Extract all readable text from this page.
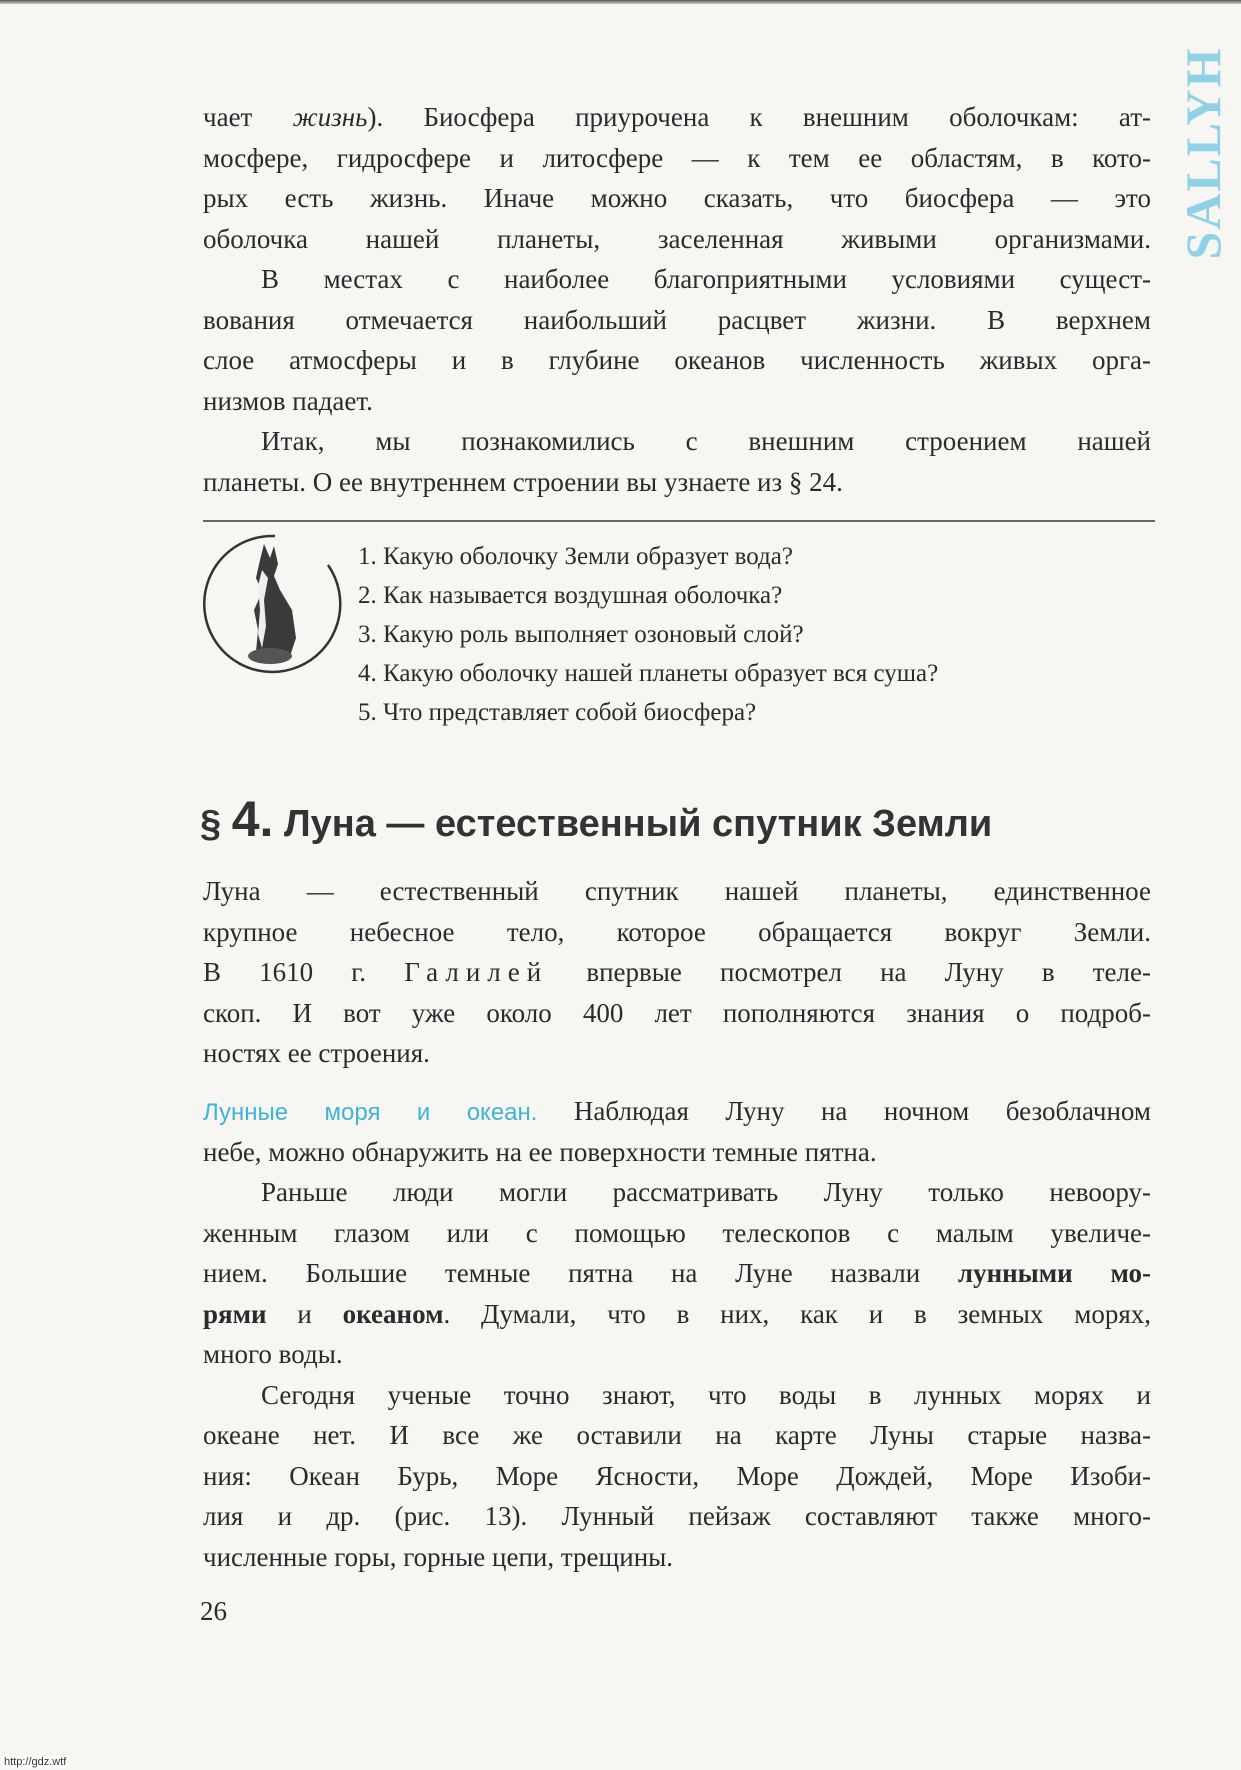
SALLYH
чает жизнь). Биосфера приурочена к внешним оболочкам: ат-
мосфере, гидросфере и литосфере — к тем ее областям, в кото-
рых есть жизнь. Иначе можно сказать, что биосфера — это
оболочка нашей планеты, заселенная живыми организмами.
В местах с наиболее благоприятными условиями сущест-
вования отмечается наибольший расцвет жизни. В верхнем
слое атмосферы и в глубине океанов численность живых орга-
низмов падает.
Итак, мы познакомились с внешним строением нашей
планеты. О ее внутреннем строении вы узнаете из § 24.
1. Какую оболочку Земли образует вода?
2. Как называется воздушная оболочка?
3. Какую роль выполняет озоновый слой?
4. Какую оболочку нашей планеты образует вся суша?
5. Что представляет собой биосфера?
§ 4. Луна — естественный спутник Земли
Луна — естественный спутник нашей планеты, единственное
крупное небесное тело, которое обращается вокруг Земли.
В 1610 г. Галилей впервые посмотрел на Луну в теле-
скоп. И вот уже около 400 лет пополняются знания о подроб-
ностях ее строения.
Лунные моря и океан. Наблюдая Луну на ночном безоблачном
небе, можно обнаружить на ее поверхности темные пятна.
Раньше люди могли рассматривать Луну только невоору-
женным глазом или с помощью телескопов с малым увеличе-
нием. Большие темные пятна на Луне назвали лунными мо-
рями и океаном. Думали, что в них, как и в земных морях,
много воды.
Сегодня ученые точно знают, что воды в лунных морях и
океане нет. И все же оставили на карте Луны старые назва-
ния: Океан Бурь, Море Ясности, Море Дождей, Море Изоби-
лия и др. (рис. 13). Лунный пейзаж составляют также много-
численные горы, горные цепи, трещины.
26
http://gdz.wtf
